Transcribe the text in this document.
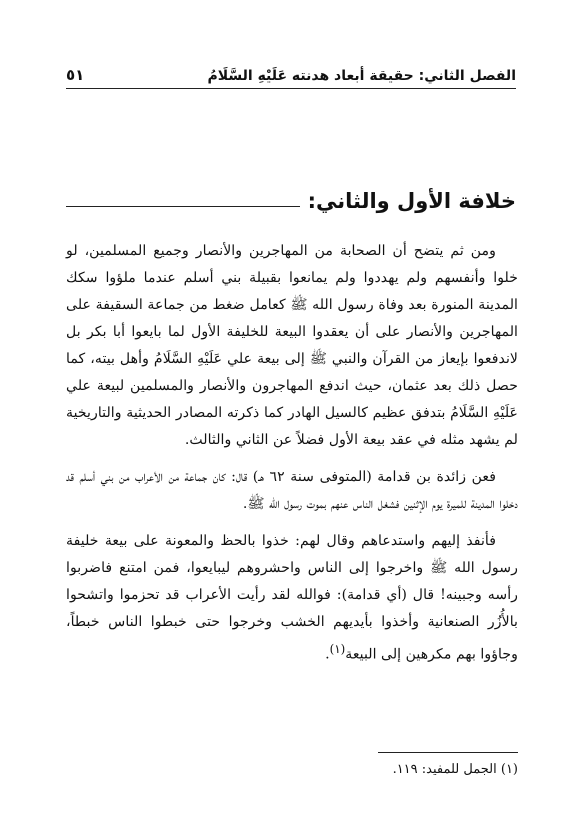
الفصل الثاني: حقيقة أبعاد هدنته عَلَيْهِ السَّلَامُ
٥١
خلافة الأول والثاني:

ومن ثم يتضح أن الصحابة من المهاجرين والأنصار وجميع المسلمين، لو خلوا وأنفسهم ولم يهددوا ولم يمانعوا بقبيلة بني أسلم عندما ملؤوا سكك المدينة المنورة بعد وفاة رسول الله ﷺ كعامل ضغط من جماعة السقيفة على المهاجرين والأنصار على أن يعقدوا البيعة للخليفة الأول لما بايعوا أبا بكر بل لاندفعوا بإيعاز من القرآن والنبي ﷺ إلى بيعة علي عَلَيْهِ السَّلَامُ وأهل بيته، كما حصل ذلك بعد عثمان، حيث اندفع المهاجرون والأنصار والمسلمين لبيعة علي عَلَيْهِ السَّلَامُ بتدفق عظيم كالسيل الهادر كما ذكرته المصادر الحديثية والتاريخية لم يشهد مثله في عقد بيعة الأول فضلاً عن الثاني والثالث.

فعن زائدة بن قدامة (المتوفى سنة ٦٢ هـ) قال: كان جماعة من الأعراب من بني أسلم قد دخلوا المدينة للميرة يوم الإثنين فشغل الناس عنهم بموت رسول الله ﷺ.

فأنفذ إليهم واستدعاهم وقال لهم: خذوا بالحظ والمعونة على بيعة خليفة رسول الله ﷺ واخرجوا إلى الناس واحشروهم ليبايعوا، فمن امتنع فاضربوا رأسه وجبينه! قال (أي قدامة): فوالله لقد رأيت الأعراب قد تحزموا واتشحوا بالأُزُر الصنعانية وأخذوا بأيديهم الخشب وخرجوا حتى خبطوا الناس خبطاً، وجاؤوا بهم مكرهين إلى البيعة$^{(١)}$.

(١) الجمل للمفيد: ١١٩.
